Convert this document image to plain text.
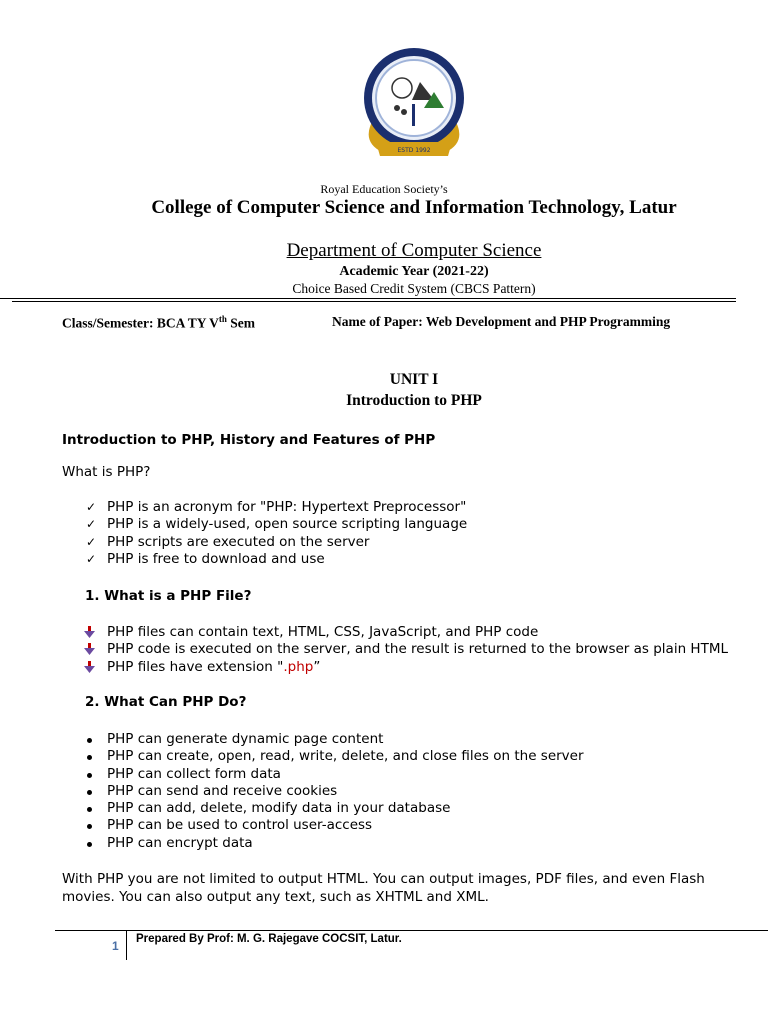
ESTD 1992
Royal Education Society’s
College of Computer Science and Information Technology, Latur
Department of Computer Science
Academic Year (2021-22)
Choice Based Credit System (CBCS Pattern)
Class/Semester: BCA TY Vth Sem	Name of Paper: Web Development and PHP Programming
UNIT I
Introduction to PHP
Introduction to PHP, History and Features of PHP
What is PHP?
✓ PHP is an acronym for "PHP: Hypertext Preprocessor"
✓ PHP is a widely-used, open source scripting language
✓ PHP scripts are executed on the server
✓ PHP is free to download and use
1. What is a PHP File?
PHP files can contain text, HTML, CSS, JavaScript, and PHP code
PHP code is executed on the server, and the result is returned to the browser as plain HTML
PHP files have extension ".php”
2. What Can PHP Do?
PHP can generate dynamic page content
PHP can create, open, read, write, delete, and close files on the server
PHP can collect form data
PHP can send and receive cookies
PHP can add, delete, modify data in your database
PHP can be used to control user-access
PHP can encrypt data
With PHP you are not limited to output HTML. You can output images, PDF files, and even Flash movies. You can also output any text, such as XHTML and XML.
1 Prepared By Prof: M. G. Rajegave COCSIT, Latur.
